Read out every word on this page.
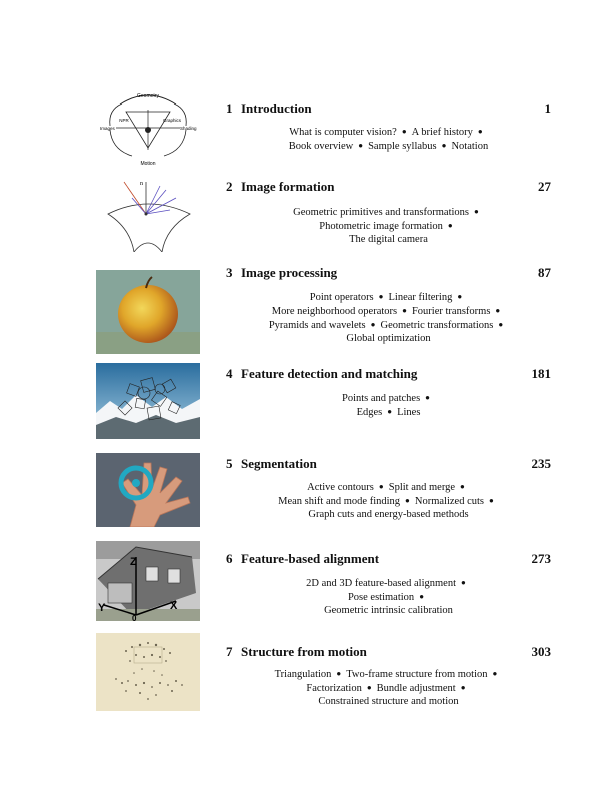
Geometry
NPR
Images	Shading
Motion
Graphics
1 Introduction	1
What is computer vision? ● A brief history ●
Book overview ● Sample syllabus ● Notation
n	2 Image formation	27
Geometric primitives and transformations ●
Photometric image formation ●
The digital camera
3 Image processing	87
Point operators ● Linear filtering ●
More neighborhood operators ● Fourier transforms ●
Pyramids and wavelets ● Geometric transformations ●
Global optimization
4 Feature detection and matching	181
Points and patches ●
Edges ● Lines
5 Segmentation	235
Active contours ● Split and merge ●
Mean shift and mode finding ● Normalized cuts ●
Graph cuts and energy-based methods
Z
Y	X
0
6 Feature-based alignment	273
2D and 3D feature-based alignment ●
Pose estimation ●
Geometric intrinsic calibration
7 Structure from motion	303
Triangulation ● Two-frame structure from motion ●
Factorization ● Bundle adjustment ●
Constrained structure and motion
